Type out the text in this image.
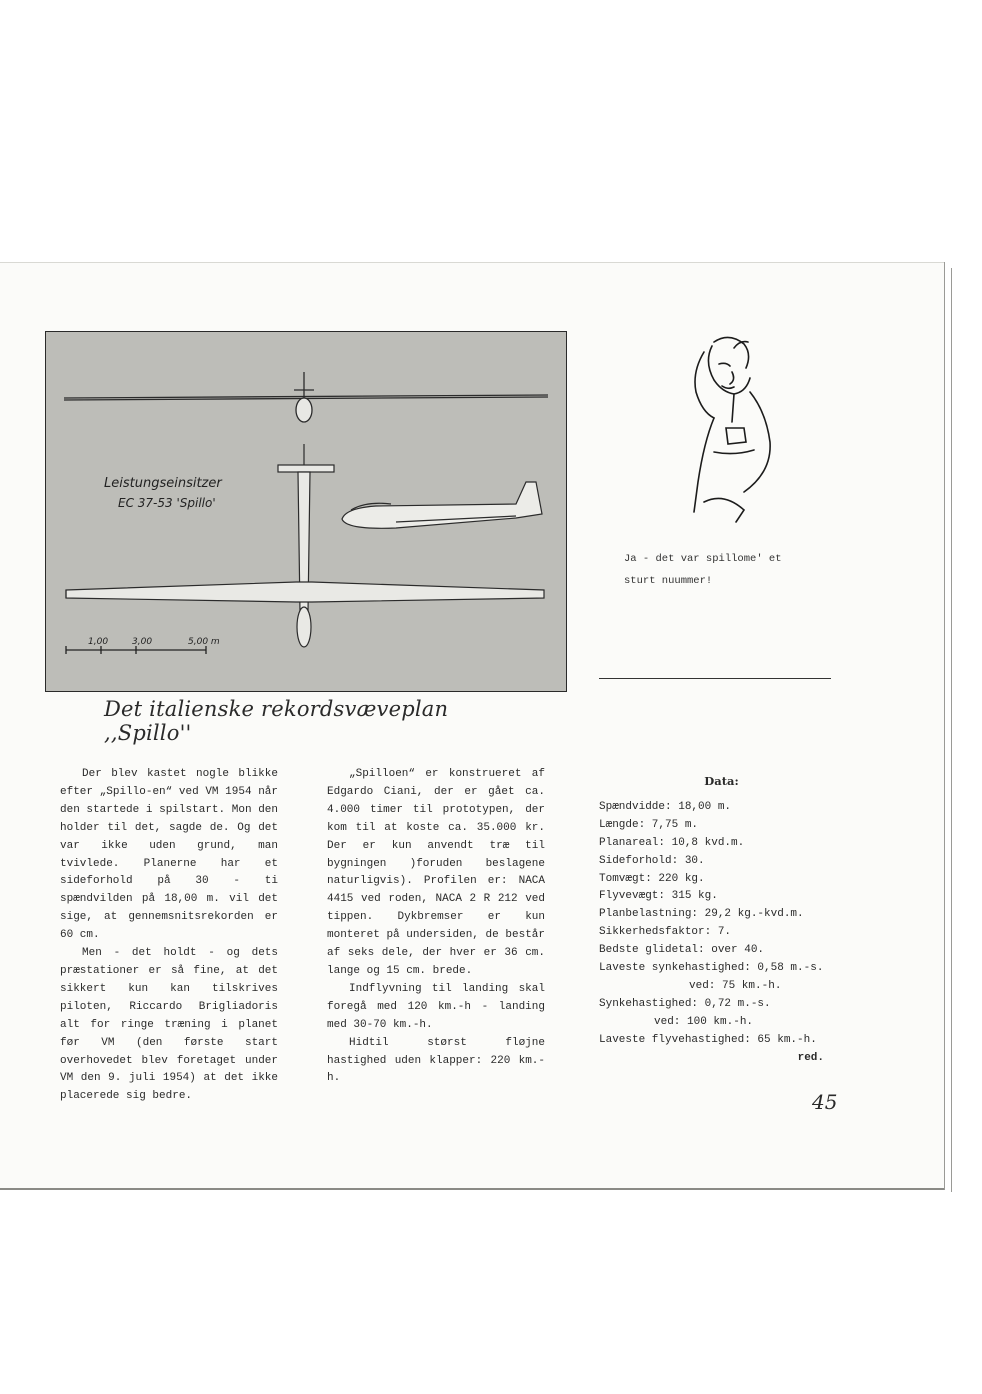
Leistungseinsitzer
EC 37-53 'Spillo'
1,00	3,00	5,00 m
Det italienske rekordsvæveplan ,,Spillo''
Ja - det var spillome' et
sturt nuummer!

Der blev kastet nogle blikke efter „Spillo-en“ ved VM 1954 når den startede i spilstart. Mon den holder til det, sagde de. Og det var ikke uden grund, man tvivlede. Planerne har et sideforhold på 30 - ti spændvilden på 18,00 m. vil det sige, at gennemsnitsrekorden er 60 cm.

Men - det holdt - og dets præstationer er så fine, at det sikkert kun kan tilskrives piloten, Riccardo Brigliadoris alt for ringe træning i planet før VM (den første start overhovedet blev foretaget under VM den 9. juli 1954) at det ikke placerede sig bedre.

„Spilloen“ er konstrueret af Edgardo Ciani, der er gået ca. 4.000 timer til prototypen, der kom til at koste ca. 35.000 kr. Der er kun anvendt træ til bygningen )foruden beslagene naturligvis). Profilen er: NACA 4415 ved roden, NACA 2 R 212 ved tippen. Dykbremser er kun monteret på undersiden, de består af seks dele, der hver er 36 cm. lange og 15 cm. brede.

Indflyvning til landing skal foregå med 120 km.-h - landing med 30-70 km.-h.

Hidtil størst fløjne hastighed uden klapper: 220 km.-h.

Data:
Spændvidde: 18,00 m.
Længde: 7,75 m.
Planareal: 10,8 kvd.m.
Sideforhold: 30.
Tomvægt: 220 kg.
Flyvevægt: 315 kg.
Planbelastning: 29,2 kg.-kvd.m.
Sikkerhedsfaktor: 7.
Bedste glidetal: over 40.
Laveste synkehastighed: 0,58 m.-s.
ved: 75 km.-h.
Synkehastighed: 0,72 m.-s.
ved: 100 km.-h.
Laveste flyvehastighed: 65 km.-h.
red.
45
